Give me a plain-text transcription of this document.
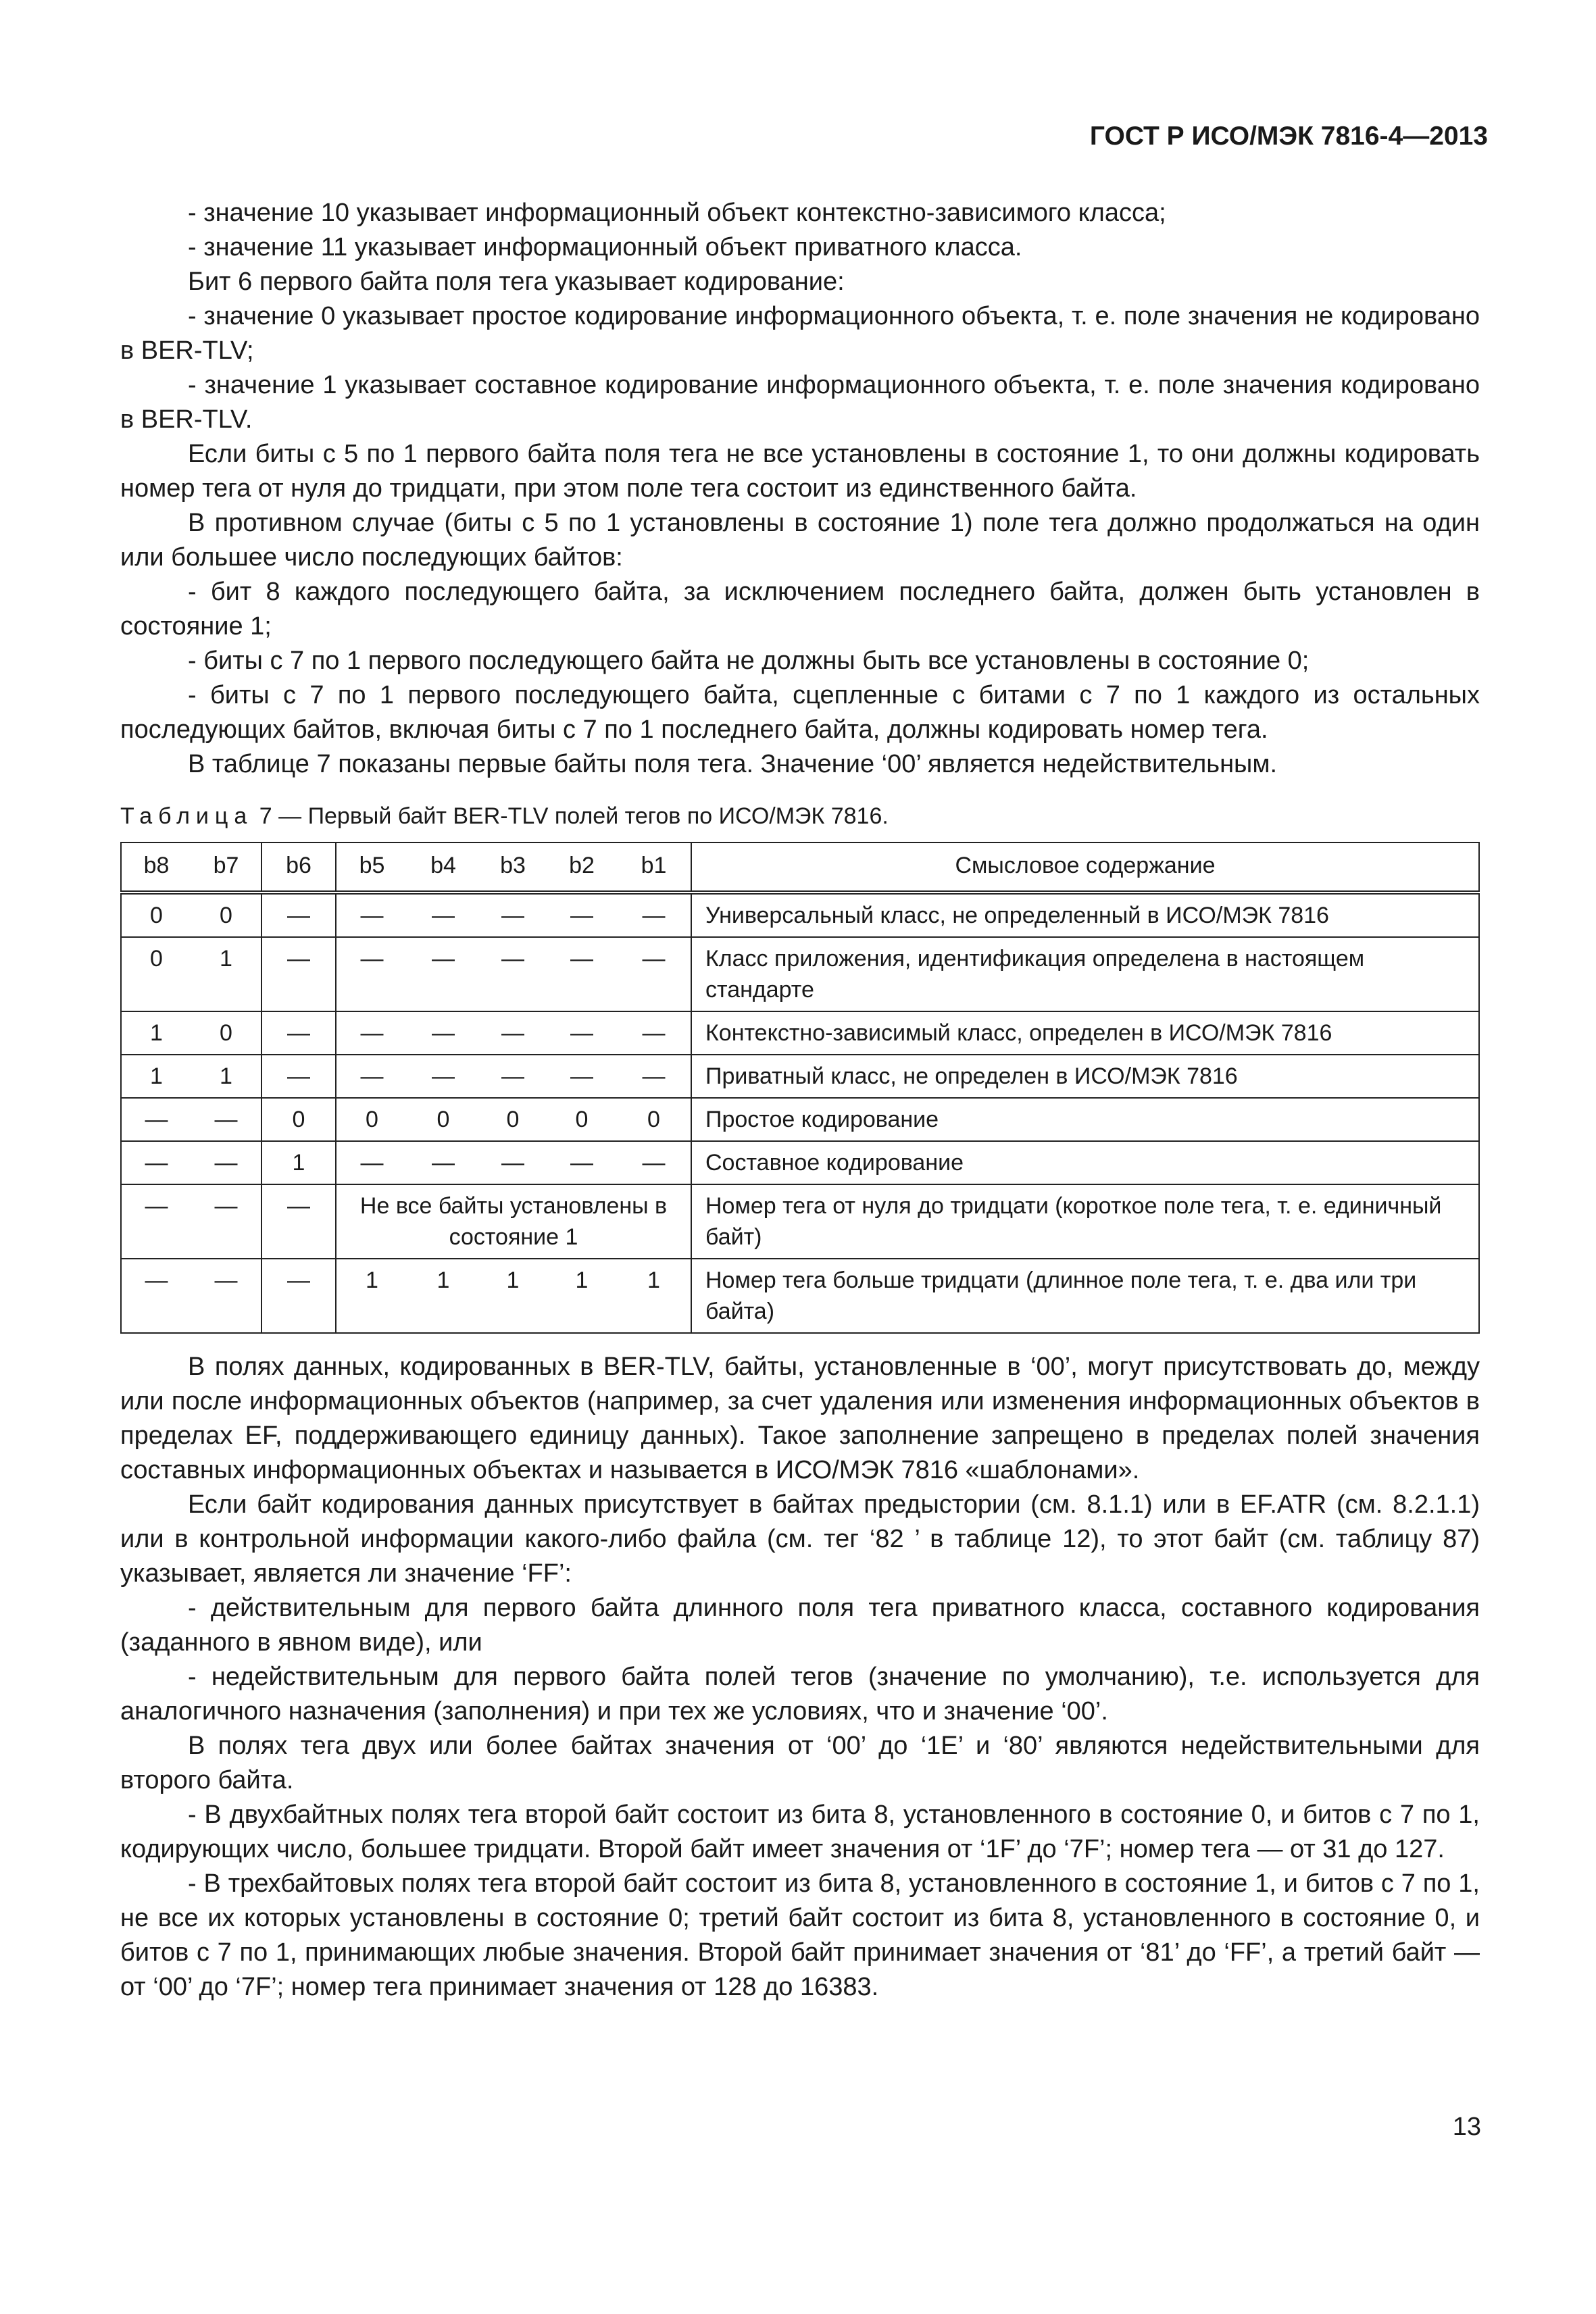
ГОСТ Р ИСО/МЭК 7816-4—2013

- значение 10 указывает информационный объект контекстно-зависимого класса;

- значение 11 указывает информационный объект приватного класса.

Бит 6 первого байта поля тега указывает кодирование:

- значение 0 указывает простое кодирование информационного объекта, т. е. поле значения не кодировано в BER-TLV;

- значение 1 указывает составное кодирование информационного объекта, т. е. поле значения кодировано в BER-TLV.

Если биты с 5 по 1 первого байта поля тега не все установлены в состояние 1, то они должны кодировать номер тега от нуля до тридцати, при этом поле тега состоит из единственного байта.

В противном случае (биты с 5 по 1 установлены в состояние 1) поле тега должно продолжаться на один или большее число последующих байтов:

- бит 8 каждого последующего байта, за исключением последнего байта, должен быть установлен в состояние 1;

- биты с 7 по 1 первого последующего байта не должны быть все установлены в состояние 0;

- биты с 7 по 1 первого последующего байта, сцепленные с битами с 7 по 1 каждого из остальных последующих байтов, включая биты с 7 по 1 последнего байта, должны кодировать номер тега.

В таблице 7 показаны первые байты поля тега. Значение ‘00’ является недействительным.

Таблица 7 — Первый байт BER-TLV полей тегов по ИСО/МЭК 7816.
b8	b7	b6	b5	b4	b3	b2	b1	Смысловое содержание
0	0	—	—	—	—	—	—	Универсальный класс, не определенный в ИСО/МЭК 7816
0	1	—	—	—	—	—	—	Класс приложения, идентификация определена в настоящем стандарте
1	0	—	—	—	—	—	—	Контекстно-зависимый класс, определен в ИСО/МЭК 7816
1	1	—	—	—	—	—	—	Приватный класс, не определен в ИСО/МЭК 7816
—	—	0	0	0	0	0	0	Простое кодирование
—	—	1	—	—	—	—	—	Составное кодирование
—	—	—	Не все байты установлены в состояние 1					Номер тега от нуля до тридцати (короткое поле тега, т. е. единичный байт)
—	—	—	1	1	1	1	1	Номер тега больше тридцати (длинное поле тега, т. е. два или три байта)

В полях данных, кодированных в BER-TLV, байты, установленные в ‘00’, могут присутствовать до, между или после информационных объектов (например, за счет удаления или изменения информационных объектов в пределах EF, поддерживающего единицу данных). Такое заполнение запрещено в пределах полей значения составных информационных объектах и называется в ИСО/МЭК 7816 «шаблонами».

Если байт кодирования данных присутствует в байтах предыстории (см. 8.1.1) или в EF.ATR (см. 8.2.1.1) или в контрольной информации какого-либо файла (см. тег ‘82 ’ в таблице 12), то этот байт (см. таблицу 87) указывает, является ли значение ‘FF’:

- действительным для первого байта длинного поля тега приватного класса, составного кодирования (заданного в явном виде), или

- недействительным для первого байта полей тегов (значение по умолчанию), т.е. используется для аналогичного назначения (заполнения) и при тех же условиях, что и значение ‘00’.

В полях тега двух или более байтах значения от ‘00’ до ‘1E’ и ‘80’ являются недействительными для второго байта.

- В двухбайтных полях тега второй байт состоит из бита 8, установленного в состояние 0, и битов с 7 по 1, кодирующих число, большее тридцати. Второй байт имеет значения от ‘1F’ до ‘7F’; номер тега — от 31 до 127.

- В трехбайтовых полях тега второй байт состоит из бита 8, установленного в состояние 1, и битов с 7 по 1, не все их которых установлены в состояние 0; третий байт состоит из бита 8, установленного в состояние 0, и битов с 7 по 1, принимающих любые значения. Второй байт принимает значения от ‘81’ до ‘FF’, а третий байт — от ‘00’ до ‘7F’; номер тега принимает значения от 128 до 16383.

13
